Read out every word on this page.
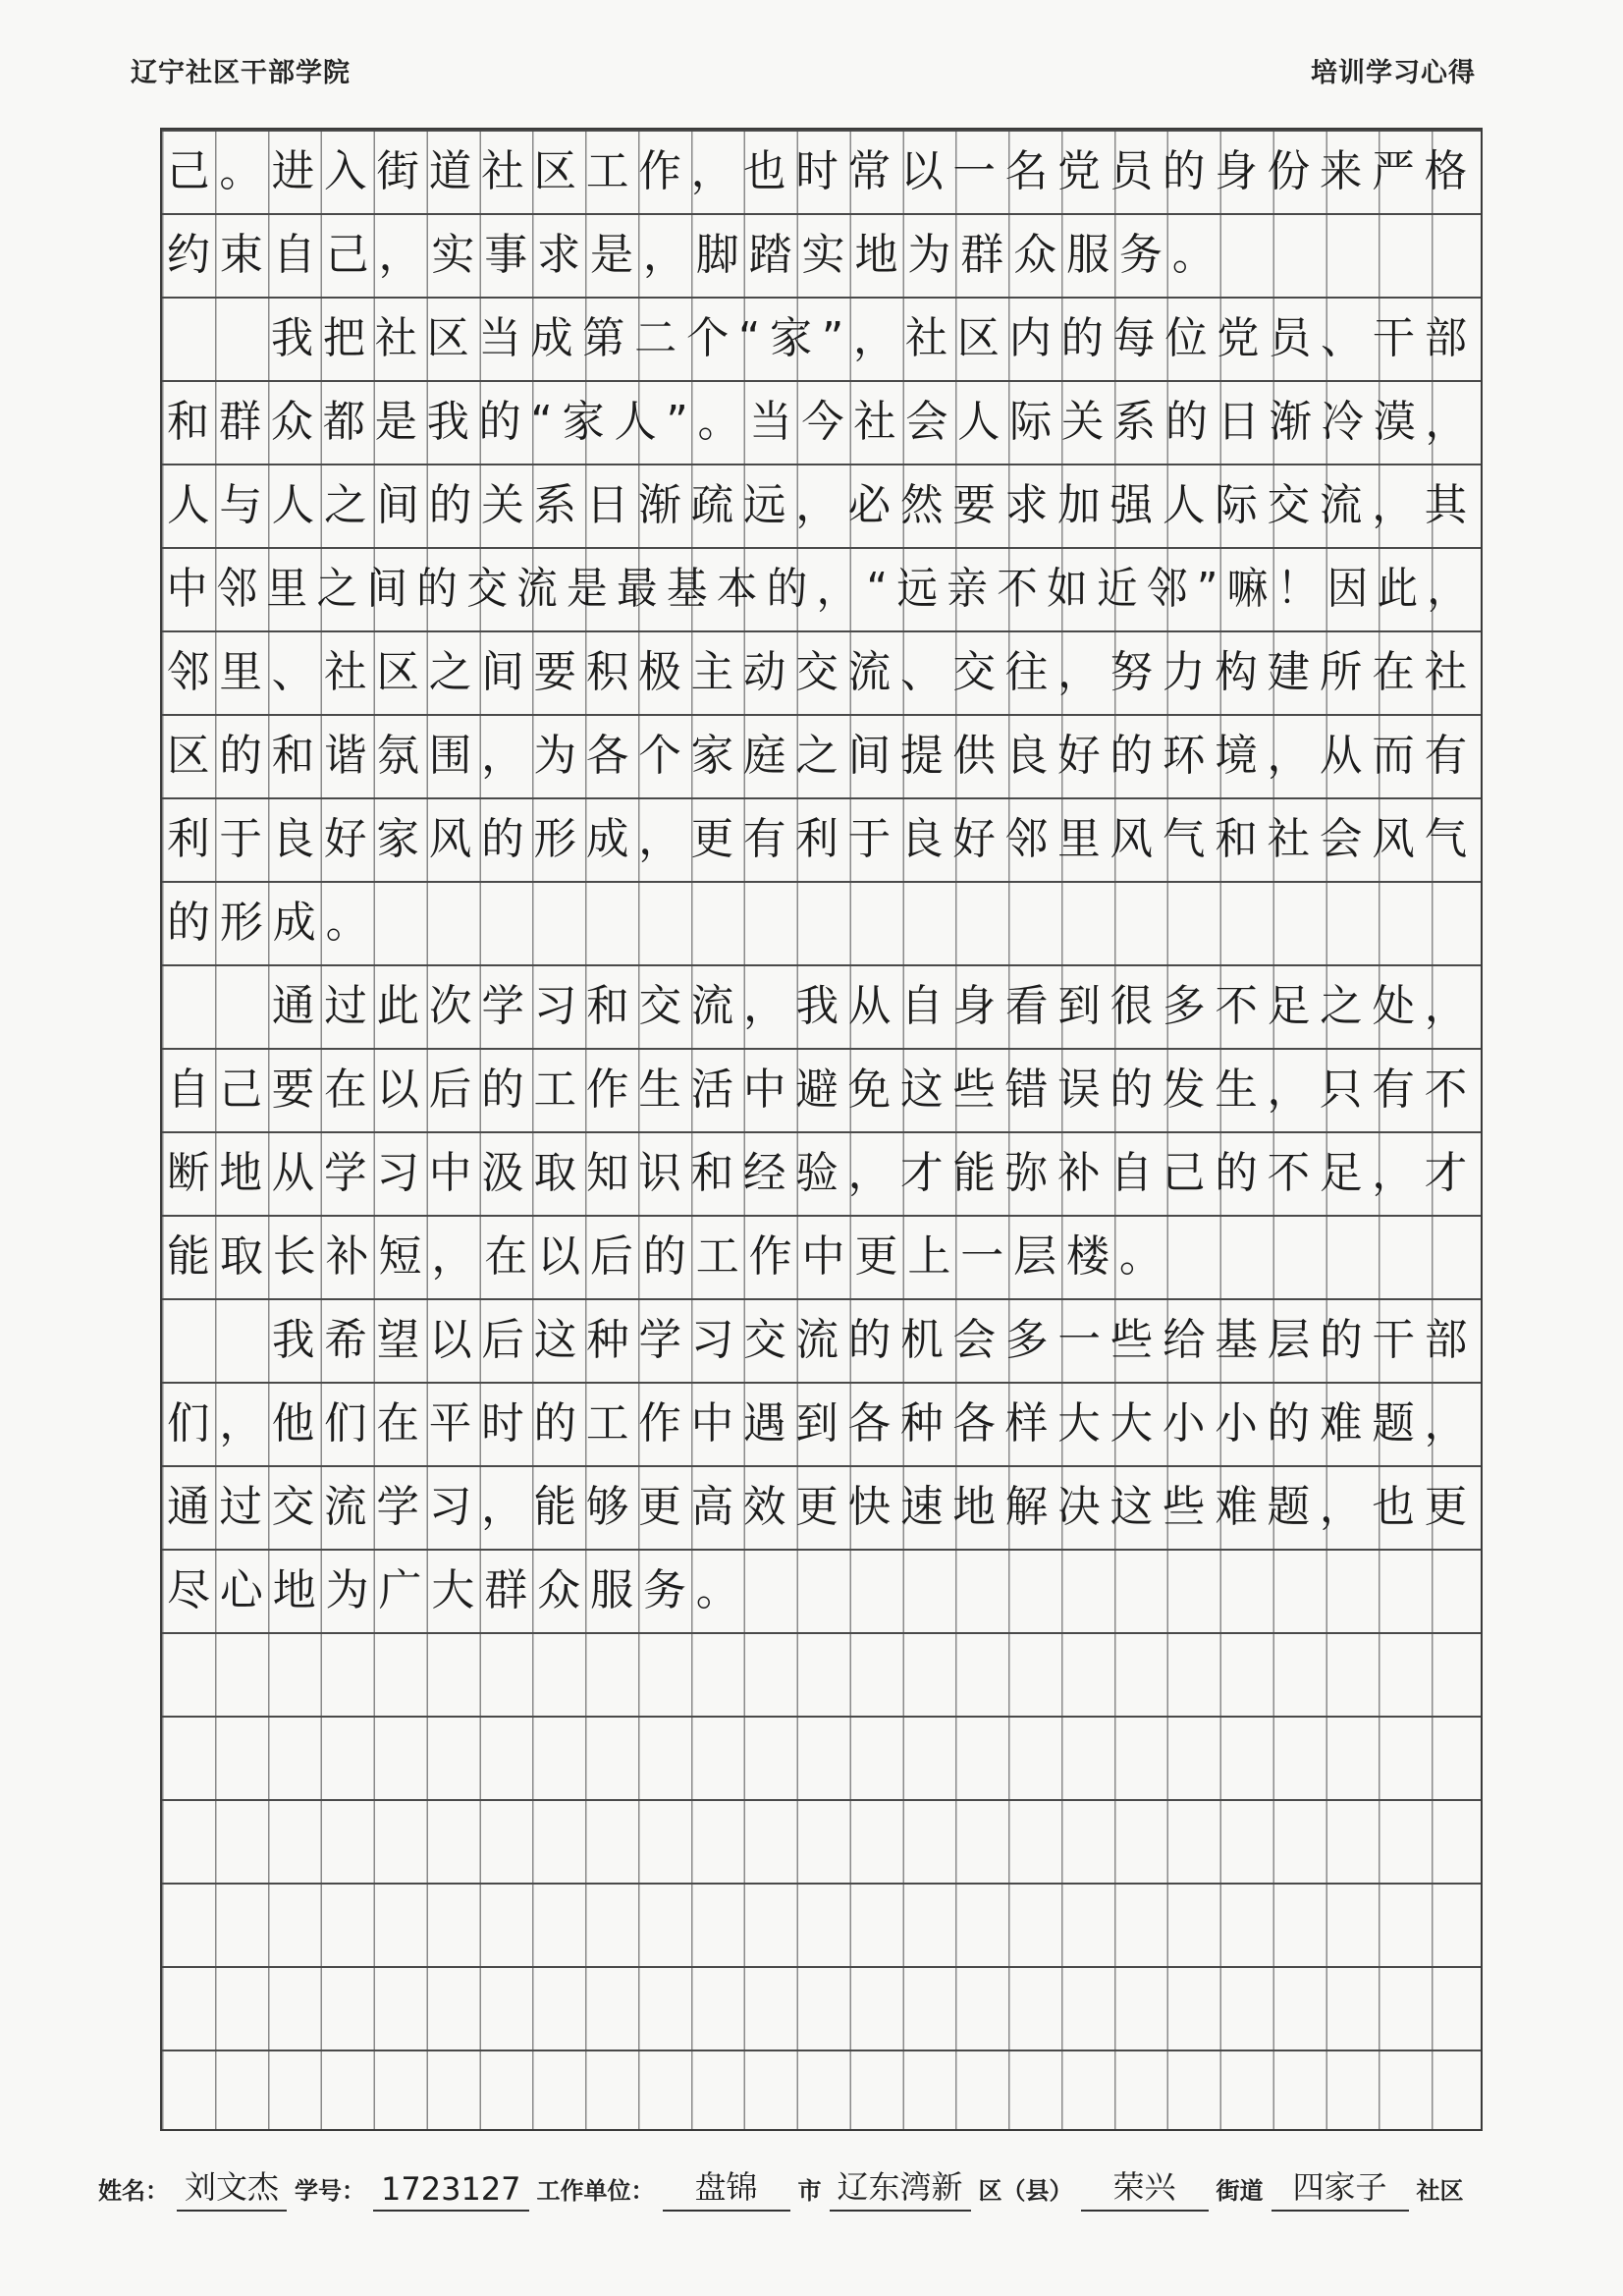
辽宁社区干部学院	培训学习心得
己。进入街道社区工作，也时常以一名党员的身份来严格
约束自己，实事求是，脚踏实地为群众服务。
我把社区当成第二个“家”，社区内的每位党员、干部
和群众都是我的“家人”。当今社会人际关系的日渐冷漠，
人与人之间的关系日渐疏远，必然要求加强人际交流，其
中邻里之间的交流是最基本的，“远亲不如近邻”嘛！因此，
邻里、社区之间要积极主动交流、交往，努力构建所在社
区的和谐氛围，为各个家庭之间提供良好的环境，从而有
利于良好家风的形成，更有利于良好邻里风气和社会风气
的形成。
通过此次学习和交流，我从自身看到很多不足之处，
自己要在以后的工作生活中避免这些错误的发生，只有不
断地从学习中汲取知识和经验，才能弥补自己的不足，才
能取长补短，在以后的工作中更上一层楼。
我希望以后这种学习交流的机会多一些给基层的干部
们，他们在平时的工作中遇到各种各样大大小小的难题，
通过交流学习，能够更高效更快速地解决这些难题，也更
尽心地为广大群众服务。
姓名： 刘文杰 学号： 1723127 工作单位：	盘锦	市 辽东湾新 区（县）	荣兴	街道 四家子	社区
